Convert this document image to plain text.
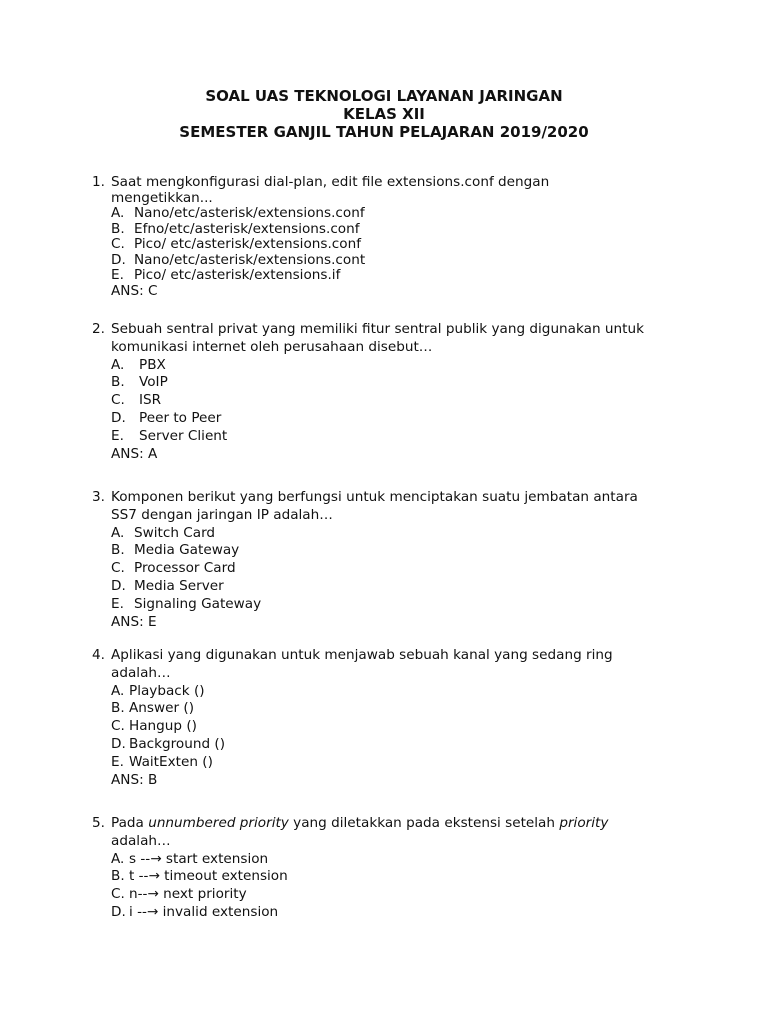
SOAL UAS TEKNOLOGI LAYANAN JARINGAN
KELAS XII
SEMESTER GANJIL TAHUN PELAJARAN 2019/2020
1. Saat mengkonfigurasi dial-plan, edit file extensions.conf dengan
mengetikkan...
A. Nano/etc/asterisk/extensions.conf
B. Efno/etc/asterisk/extensions.conf
C. Pico/ etc/asterisk/extensions.conf
D. Nano/etc/asterisk/extensions.cont
E. Pico/ etc/asterisk/extensions.if
ANS: C
2. Sebuah sentral privat yang memiliki fitur sentral publik yang digunakan untuk
komunikasi internet oleh perusahaan disebut…
A. PBX
B. VoIP
C. ISR
D. Peer to Peer
E. Server Client
ANS: A
3. Komponen berikut yang berfungsi untuk menciptakan suatu jembatan antara
SS7 dengan jaringan IP adalah…
A. Switch Card
B. Media Gateway
C. Processor Card
D. Media Server
E. Signaling Gateway
ANS: E
4. Aplikasi yang digunakan untuk menjawab sebuah kanal yang sedang ring
adalah…
A. Playback ()
B. Answer ()
C. Hangup ()
D. Background ()
E. WaitExten ()
ANS: B
5. Pada unnumbered priority yang diletakkan pada ekstensi setelah priority
adalah…
A. s --→ start extension
B. t --→ timeout extension
C. n--→ next priority
D. i --→ invalid extension
